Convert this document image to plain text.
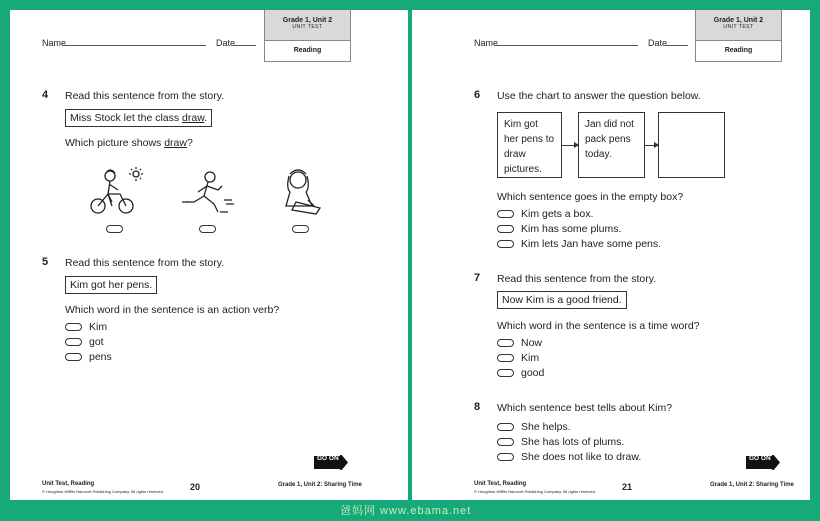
Name	Date
Grade 1, Unit 2
UNIT TEST
Reading
4 Read this sentence from the story.
Miss Stock let the class draw.
Which picture shows draw?
5 Read this sentence from the story.
Kim got her pens.
Which word in the sentence is an action verb?
Kim
got
pens
GO ON
Unit Test, Reading
© Houghton Mifflin Harcourt Publishing Company. All rights reserved.	20	Grade 1, Unit 2: Sharing Time
Name	Date
Grade 1, Unit 2
UNIT TEST
Reading
6 Use the chart to answer the question below.
Kim got her pens to draw pictures.
Jan did not pack pens today.
Which sentence goes in the empty box?
Kim gets a box.
Kim has some plums.
Kim lets Jan have some pens.
7 Read this sentence from the story.
Now Kim is a good friend.
Which word in the sentence is a time word?
Now
Kim
good
8 Which sentence best tells about Kim?
She helps.
She has lots of plums.
She does not like to draw.	GO ON
Unit Test, Reading
© Houghton Mifflin Harcourt Publishing Company. All rights reserved.	21	Grade 1, Unit 2: Sharing Time
爸妈网 www.ebama.net
